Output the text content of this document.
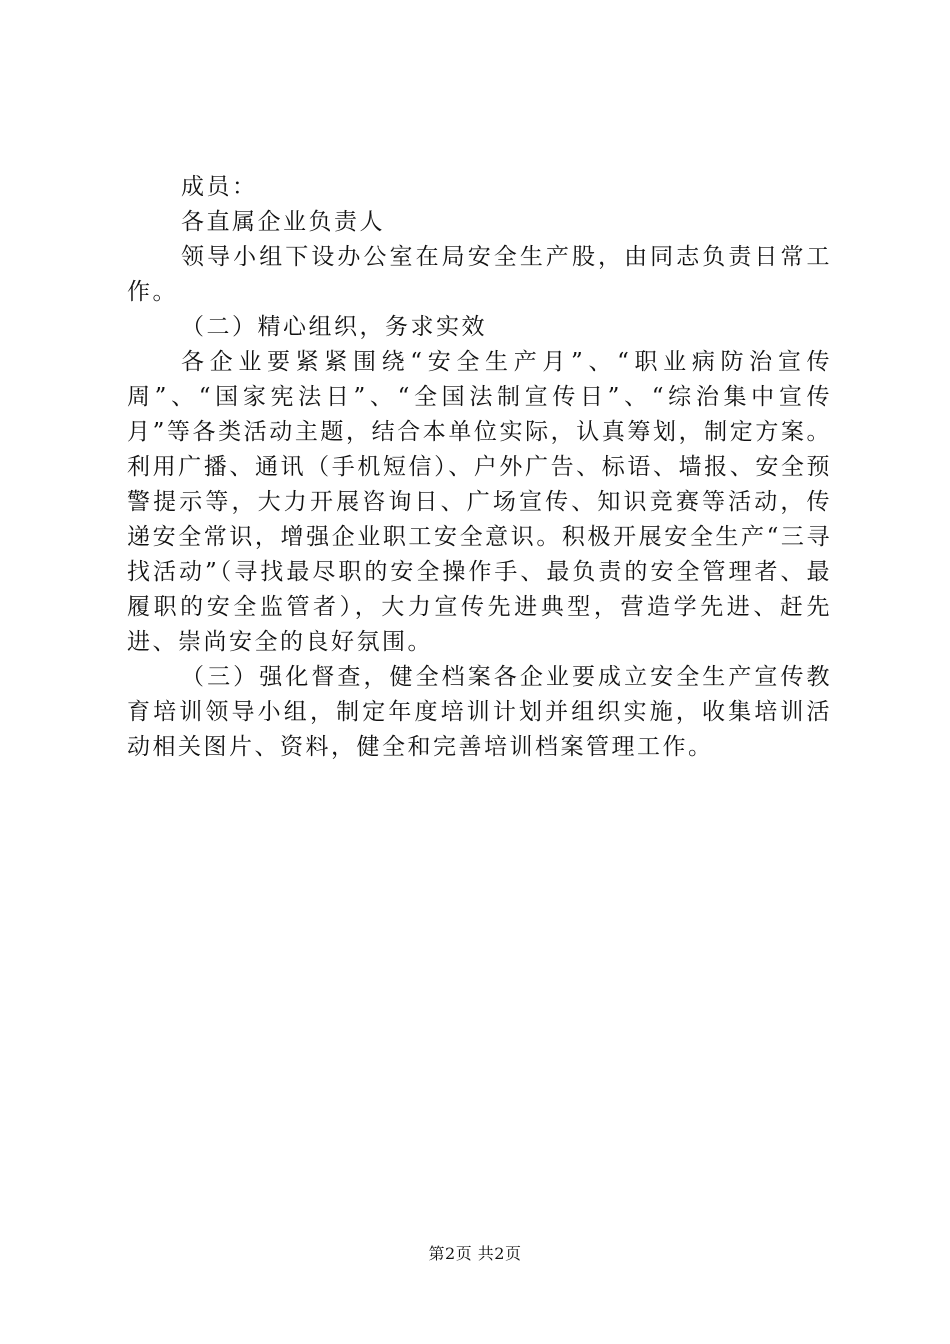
成员：

各直属企业负责人

领导小组下设办公室在局安全生产股，由同志负责日常工作。

（二）精心组织，务求实效

各企业要紧紧围绕“安全生产月”、“职业病防治宣传周”、“国家宪法日”、“全国法制宣传日”、“综治集中宣传月”等各类活动主题，结合本单位实际，认真筹划，制定方案。利用广播、通讯（手机短信）、户外广告、标语、墙报、安全预警提示等，大力开展咨询日、广场宣传、知识竞赛等活动，传递安全常识，增强企业职工安全意识。积极开展安全生产“三寻找活动”（寻找最尽职的安全操作手、最负责的安全管理者、最履职的安全监管者），大力宣传先进典型，营造学先进、赶先进、崇尚安全的良好氛围。

（三）强化督查，健全档案各企业要成立安全生产宣传教育培训领导小组，制定年度培训计划并组织实施，收集培训活动相关图片、资料，健全和完善培训档案管理工作。

第2页 共2页
